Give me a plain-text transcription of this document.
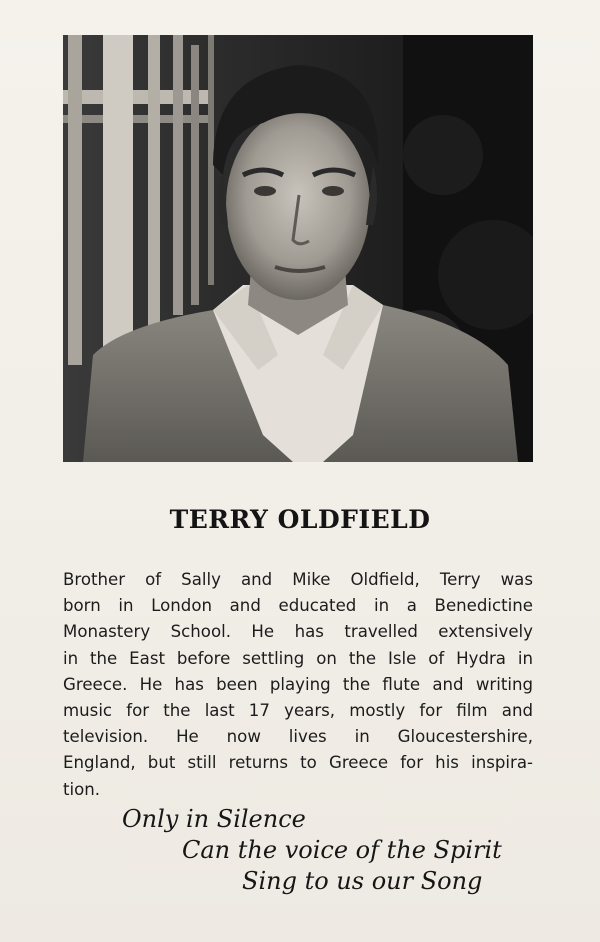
TERRY OLDFIELD
Brother of Sally and Mike Oldfield, Terry was
born in London and educated in a Benedictine
Monastery School. He has travelled extensively
in the East before settling on the Isle of Hydra in
Greece. He has been playing the flute and writing
music for the last 17 years, mostly for film and
television. He now lives in Gloucestershire,
England, but still returns to Greece for his inspira-
tion.
Only in Silence
Can the voice of the Spirit
Sing to us our Song
